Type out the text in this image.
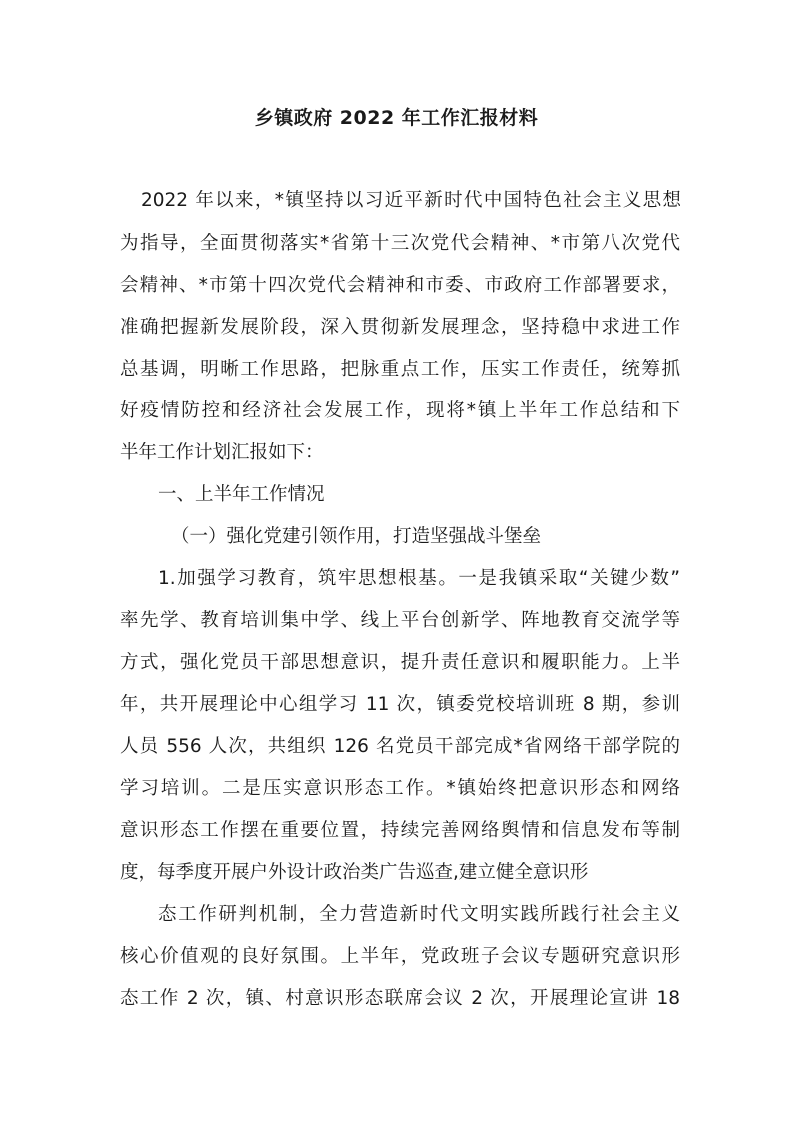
乡镇政府 2022 年工作汇报材料
2022 年以来，*镇坚持以习近平新时代中国特色社会主义思想
为指导，全面贯彻落实*省第十三次党代会精神、*市第八次党代
会精神、*市第十四次党代会精神和市委、市政府工作部署要求，
准确把握新发展阶段，深入贯彻新发展理念，坚持稳中求进工作
总基调，明晰工作思路，把脉重点工作，压实工作责任，统筹抓
好疫情防控和经济社会发展工作，现将*镇上半年工作总结和下
半年工作计划汇报如下：
一、上半年工作情况
（一）强化党建引领作用，打造坚强战斗堡垒
1.加强学习教育，筑牢思想根基。一是我镇采取“关键少数”
率先学、教育培训集中学、线上平台创新学、阵地教育交流学等
方式，强化党员干部思想意识，提升责任意识和履职能力。上半
年，共开展理论中心组学习 11 次，镇委党校培训班 8 期，参训
人员 556 人次，共组织 126 名党员干部完成*省网络干部学院的
学习培训。二是压实意识形态工作。*镇始终把意识形态和网络
意识形态工作摆在重要位置，持续完善网络舆情和信息发布等制
度，每季度开展户外设计政治类广告巡查,建立健全意识形
态工作研判机制，全力营造新时代文明实践所践行社会主义
核心价值观的良好氛围。上半年，党政班子会议专题研究意识形
态工作 2 次，镇、村意识形态联席会议 2 次，开展理论宣讲 18
